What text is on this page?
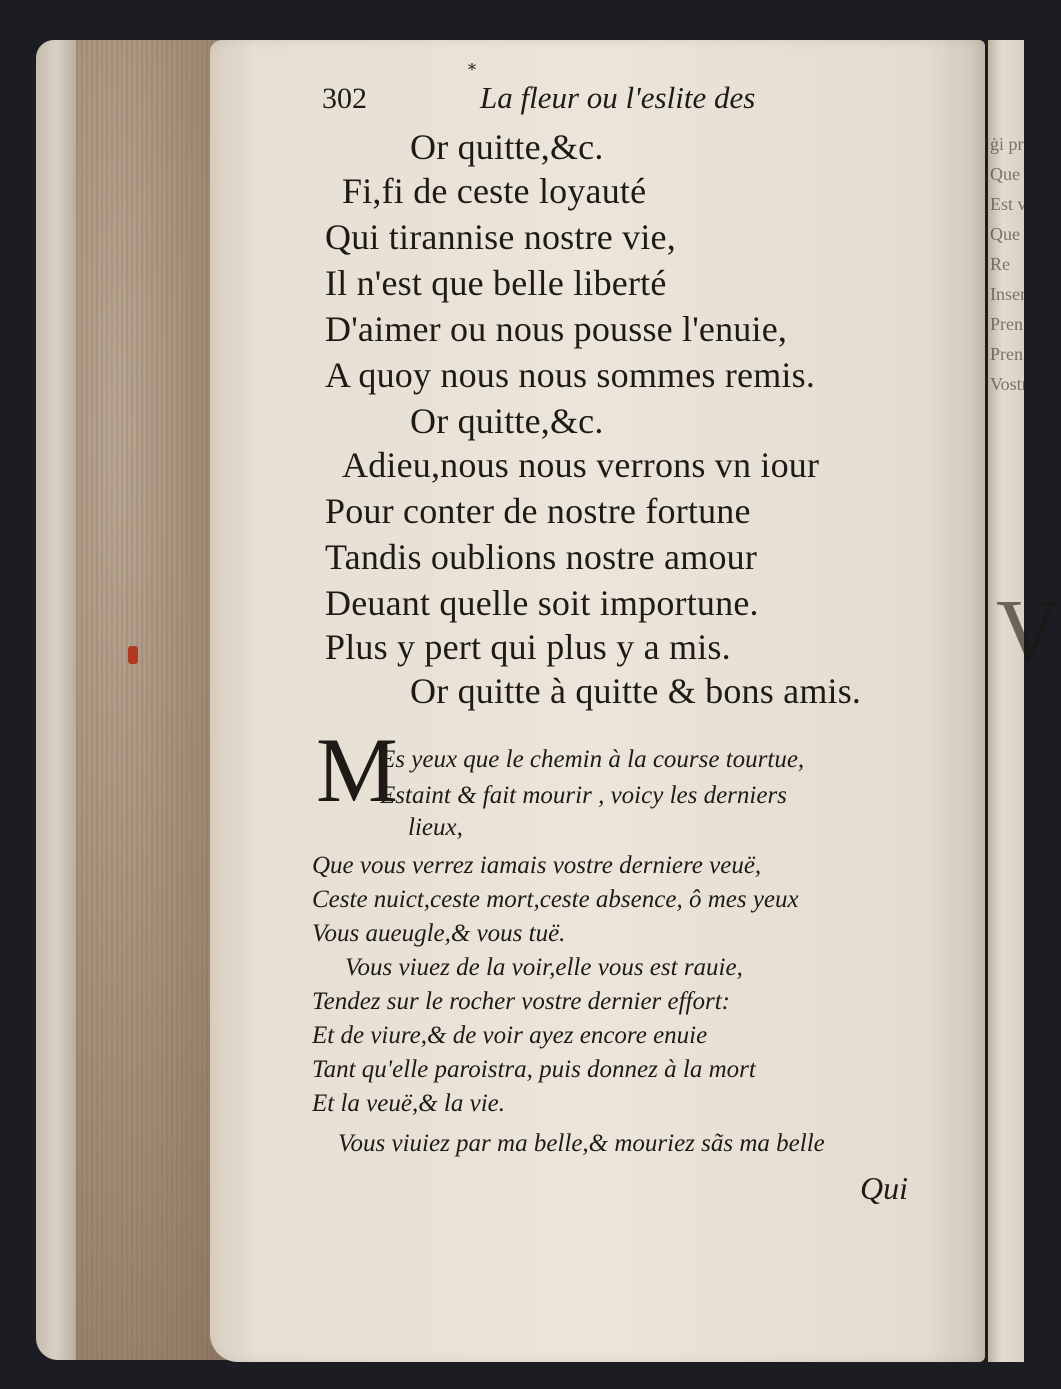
ġi pre
Que l
Est v
Que
Re
Insen
Pren
Pren
Vostr
V
*
302	La fleur ou l'eslite des
Or quitte,&c.
Fi,fi de ceste loyauté
Qui tirannise nostre vie,
Il n'est que belle liberté
D'aimer ou nous pousse l'enuie,
A quoy nous nous sommes remis.
Or quitte,&c.
Adieu,nous nous verrons vn iour
Pour conter de nostre fortune
Tandis oublions nostre amour
Deuant quelle soit importune.
Plus y pert qui plus y a mis.
Or quitte à quitte & bons amis.
M
Es yeux que le chemin à la course tourtue,
Estaint & fait mourir , voicy les derniers
lieux,
Que vous verrez iamais vostre derniere veuë,
Ceste nuict,ceste mort,ceste absence, ô mes yeux
Vous aueugle,& vous tuë.
Vous viuez de la voir,elle vous est rauie,
Tendez sur le rocher vostre dernier effort:
Et de viure,& de voir ayez encore enuie
Tant qu'elle paroistra, puis donnez à la mort
Et la veuë,& la vie.
Vous viuiez par ma belle,& mouriez sãs ma belle
Qui
